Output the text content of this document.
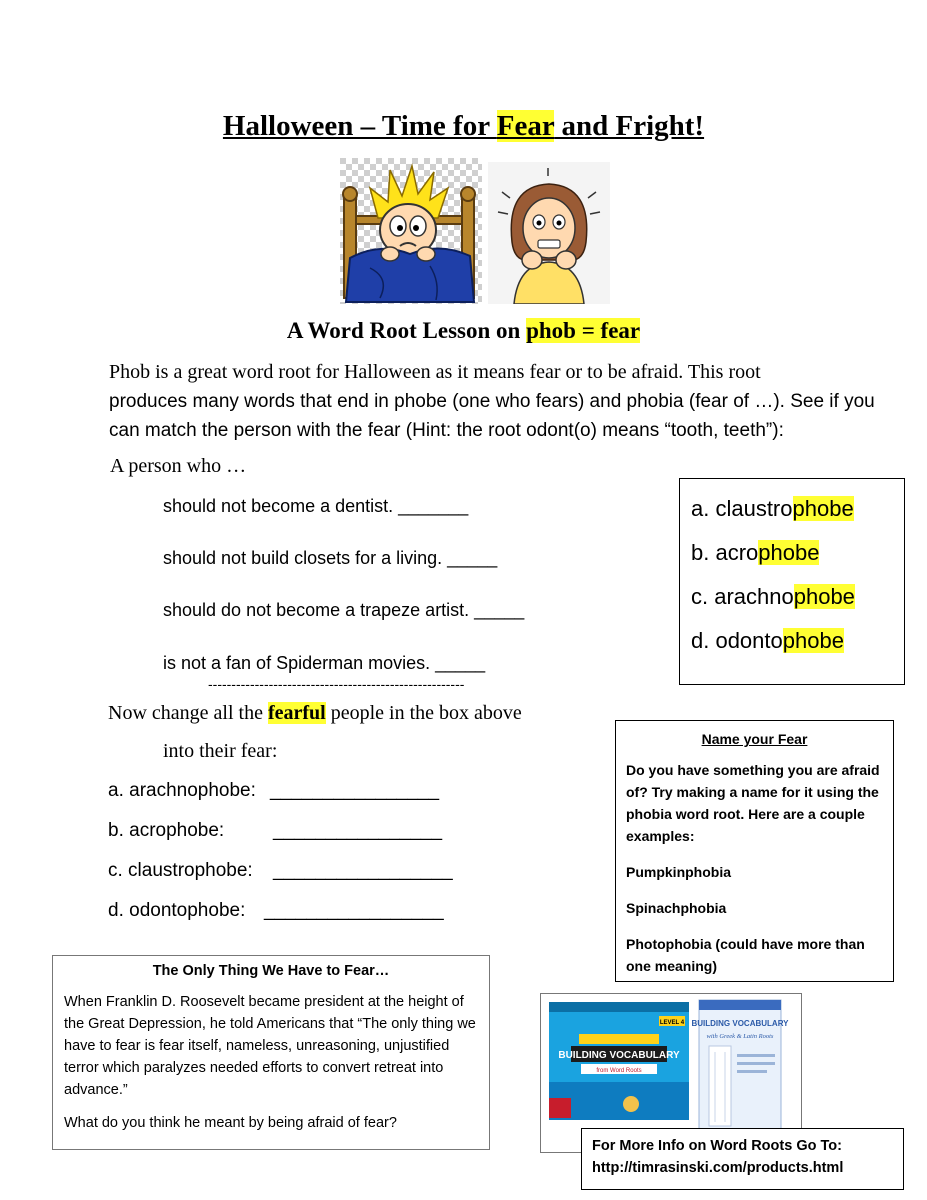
Halloween – Time for Fear and Fright!
A Word Root Lesson on phob = fear
Phob is a great word root for Halloween as it means fear or to be afraid. This root
produces many words that end in phobe (one who fears) and phobia (fear of …). See if you can match the person with the fear (Hint: the root odont(o) means “tooth, teeth”):
A person who …
should not become a dentist. _______
should not build closets for a living. _____
should do not become a trapeze artist. _____
is not a fan of Spiderman movies. _____
-------------------------------------------------------
Now change all the fearful people in the box above
into their fear:
a. arachnophobe: ________________
b. acrophobe:	________________
c. claustrophobe: _________________
d. odontophobe: _________________
a. claustrophobe
b. acrophobe
c. arachnophobe
d. odontophobe
Name your Fear

Do you have something you are afraid of? Try making a name for it using the phobia word root. Here are a couple examples:

Pumpkinphobia

Spinachphobia

Photophobia (could have more than one meaning)

The Only Thing We Have to Fear…

When Franklin D. Roosevelt became president at the height of the Great Depression, he told Americans that “The only thing we have to fear is fear itself, nameless, unreasoning, unjustified terror which paralyzes needed efforts to convert retreat into advance.”

What do you think he meant by being afraid of fear?

LEVEL 4
BUILDING VOCABULARY
from Word Roots
BUILDING VOCABULARY
with Greek & Latin Roots
For More Info on Word Roots Go To:
http://timrasinski.com/products.html
